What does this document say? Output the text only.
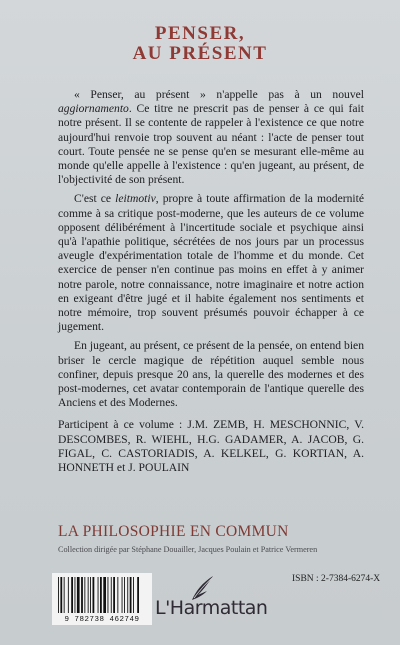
PENSER,
AU PRÉSENT

« Penser, au présent » n'appelle pas à un nouvel aggiornamento. Ce titre ne prescrit pas de penser à ce qui fait notre présent. Il se contente de rappeler à l'existence ce que notre aujourd'hui renvoie trop souvent au néant : l'acte de penser tout court. Toute pensée ne se pense qu'en se mesurant elle-même au monde qu'elle appelle à l'existence : qu'en jugeant, au présent, de l'objectivité de son présent.

C'est ce leitmotiv, propre à toute affirmation de la modernité comme à sa critique post-moderne, que les auteurs de ce volume opposent délibérément à l'incertitude sociale et psychique ainsi qu'à l'apathie politique, sécrétées de nos jours par un processus aveugle d'expérimentation totale de l'homme et du monde. Cet exercice de penser n'en continue pas moins en effet à y animer notre parole, notre connaissance, notre imaginaire et notre action en exigeant d'être jugé et il habite également nos sentiments et notre mémoire, trop souvent présumés pouvoir échapper à ce jugement.

En jugeant, au présent, ce présent de la pensée, on entend bien briser le cercle magique de répétition auquel semble nous confiner, depuis presque 20 ans, la querelle des modernes et des post-modernes, cet avatar contemporain de l'antique querelle des Anciens et des Modernes.

Participent à ce volume : J.M. ZEMB, H. MESCHONNIC, V. DESCOMBES, R. WIEHL, H.G. GADAMER, A. JACOB, G. FIGAL, C. CASTORIADIS, A. KELKEL, G. KORTIAN, A. HONNETH et J. POULAIN

LA PHILOSOPHIE EN COMMUN
Collection dirigée par Stéphane Douailler, Jacques Poulain et Patrice Vermeren
9 782738 462749
L'Harmattan
ISBN : 2-7384-6274-X
